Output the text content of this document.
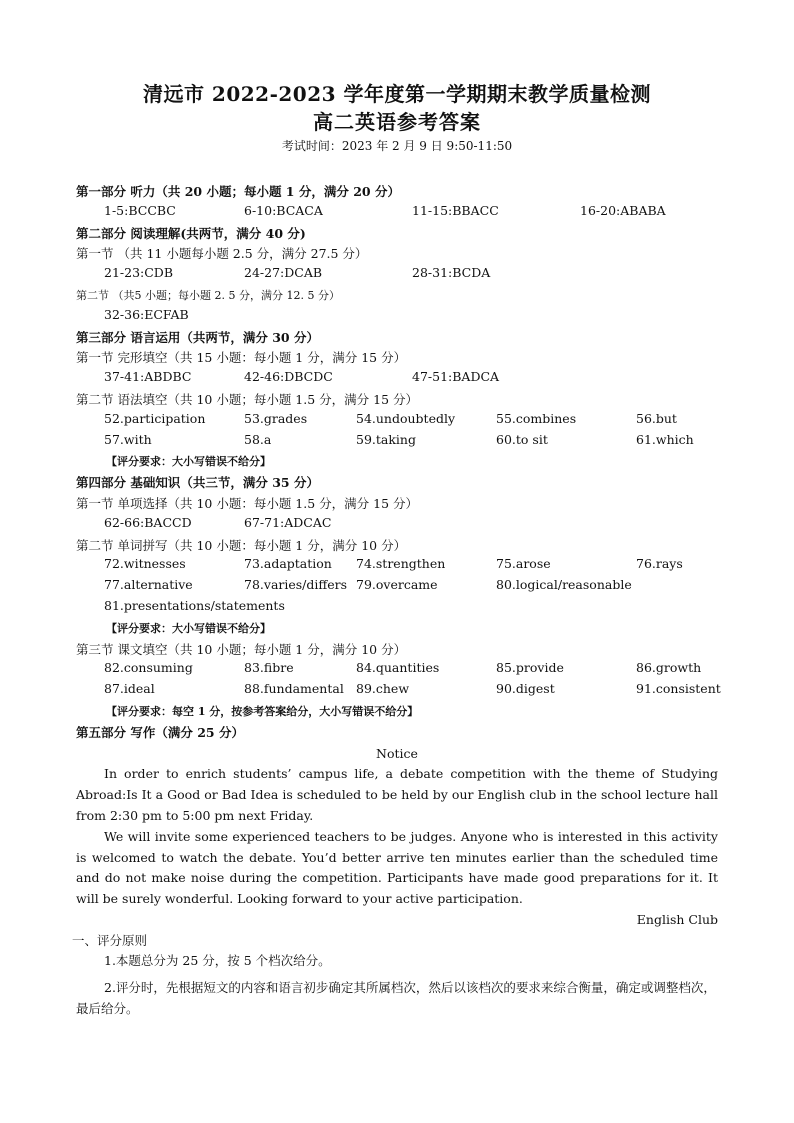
清远市 2022-2023 学年度第一学期期末教学质量检测
高二英语参考答案
考试时间：2023 年 2 月 9 日 9:50-11:50
第一部分 听力（共 20 小题；每小题 1 分，满分 20 分）
1-5:BCCBC	6-10:BCACA	11-15:BBACC	16-20:ABABA
第二部分 阅读理解(共两节，满分 40 分)
第一节 （共 11 小题每小题 2.5 分，满分 27.5 分）
21-23:CDB	24-27:DCAB	28-31:BCDA
第二节 （共5 小题；每小题 2. 5 分，满分 12. 5 分）
32-36:ECFAB
第三部分 语言运用（共两节，满分 30 分）
第一节 完形填空（共 15 小题：每小题 1 分，满分 15 分）
37-41:ABDBC	42-46:DBCDC	47-51:BADCA
第二节 语法填空（共 10 小题；每小题 1.5 分，满分 15 分）
52.participation	53.grades	54.undoubtedly	55.combines	56.but
57.with	58.a	59.taking	60.to sit	61.which
【评分要求：大小写错误不给分】
第四部分 基础知识（共三节，满分 35 分）
第一节 单项选择（共 10 小题：每小题 1.5 分，满分 15 分）
62-66:BACCD	67-71:ADCAC
第二节 单词拼写（共 10 小题：每小题 1 分，满分 10 分）
72.witnesses	73.adaptation 74.strengthen	75.arose	76.rays
77.alternative	78.varies/differs 79.overcame	80.logical/reasonable
81.presentations/statements
【评分要求：大小写错误不给分】
第三节 课文填空（共 10 小题；每小题 1 分，满分 10 分）
82.consuming	83.fibre	84.quantities	85.provide	86.growth
87.ideal	88.fundamental 89.chew	90.digest	91.consistent
【评分要求：每空 1 分，按参考答案给分，大小写错误不给分】
第五部分 写作（满分 25 分）
Notice
In order to enrich students’ campus life, a debate competition with the theme of Studying Abroad:Is It a Good or Bad Idea is scheduled to be held by our English club in the school lecture hall from 2:30 pm to 5:00 pm next Friday.
We will invite some experienced teachers to be judges. Anyone who is interested in this activity is welcomed to watch the debate. You’d better arrive ten minutes earlier than the scheduled time and do not make noise during the competition. Participants have made good preparations for it. It will be surely wonderful. Looking forward to your active participation.
English Club
一、评分原则
1.本题总分为 25 分，按 5 个档次给分。
2.评分时，先根据短文的内容和语言初步确定其所属档次，然后以该档次的要求来综合衡量，确定或调整档次，最后给分。
